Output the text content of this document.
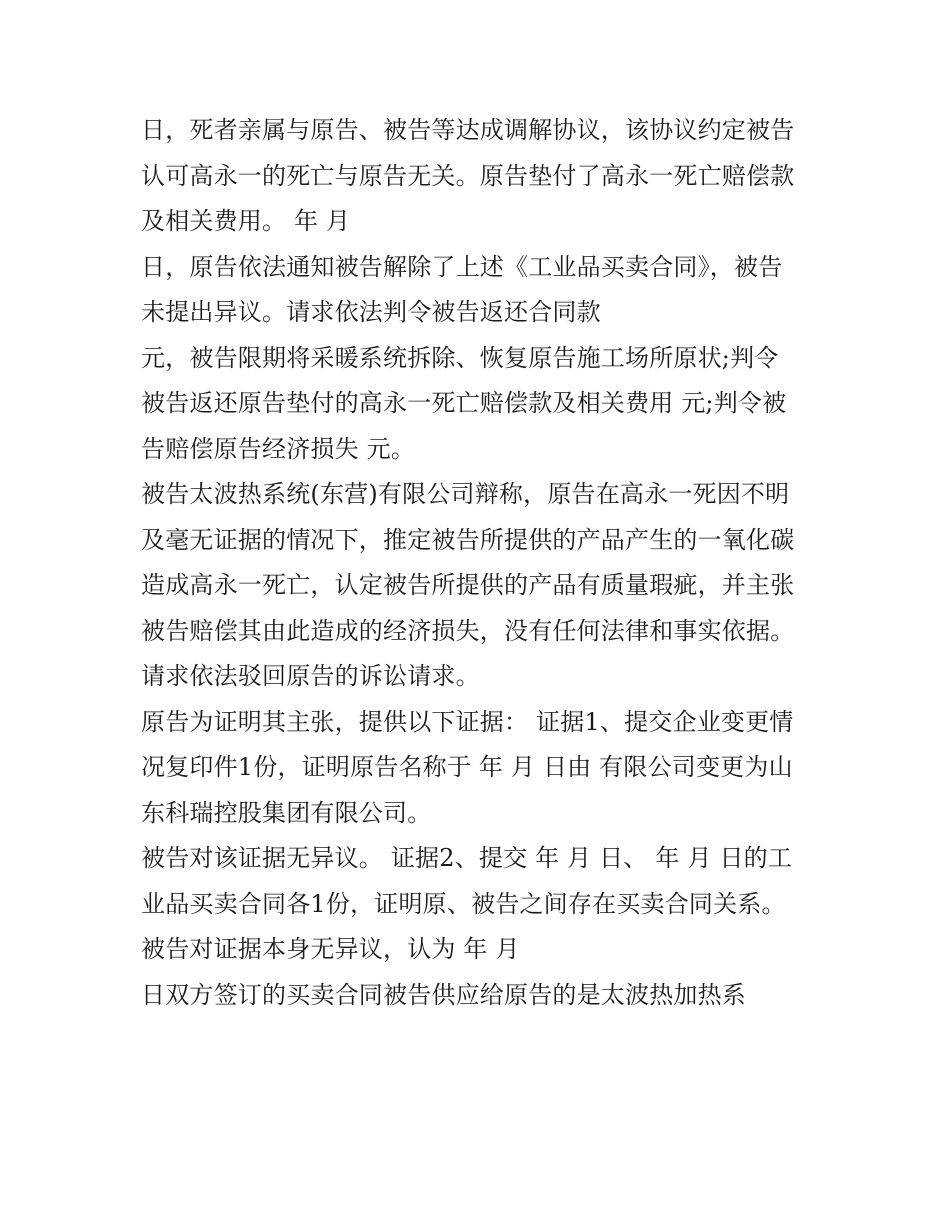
日，死者亲属与原告、被告等达成调解协议，该协议约定被告
认可高永一的死亡与原告无关。原告垫付了高永一死亡赔偿款
及相关费用。 年 月
日，原告依法通知被告解除了上述《工业品买卖合同》，被告
未提出异议。请求依法判令被告返还合同款
元，被告限期将采暖系统拆除、恢复原告施工场所原状;判令
被告返还原告垫付的高永一死亡赔偿款及相关费用 元;判令被
告赔偿原告经济损失 元。
被告太波热系统(东营)有限公司辩称，原告在高永一死因不明
及毫无证据的情况下，推定被告所提供的产品产生的一氧化碳
造成高永一死亡，认定被告所提供的产品有质量瑕疵，并主张
被告赔偿其由此造成的经济损失，没有任何法律和事实依据。
请求依法驳回原告的诉讼请求。
原告为证明其主张，提供以下证据： 证据1、提交企业变更情
况复印件1份，证明原告名称于 年 月 日由 有限公司变更为山
东科瑞控股集团有限公司。
被告对该证据无异议。 证据2、提交 年 月 日、 年 月 日的工
业品买卖合同各1份，证明原、被告之间存在买卖合同关系。
被告对证据本身无异议，认为 年 月
日双方签订的买卖合同被告供应给原告的是太波热加热系
